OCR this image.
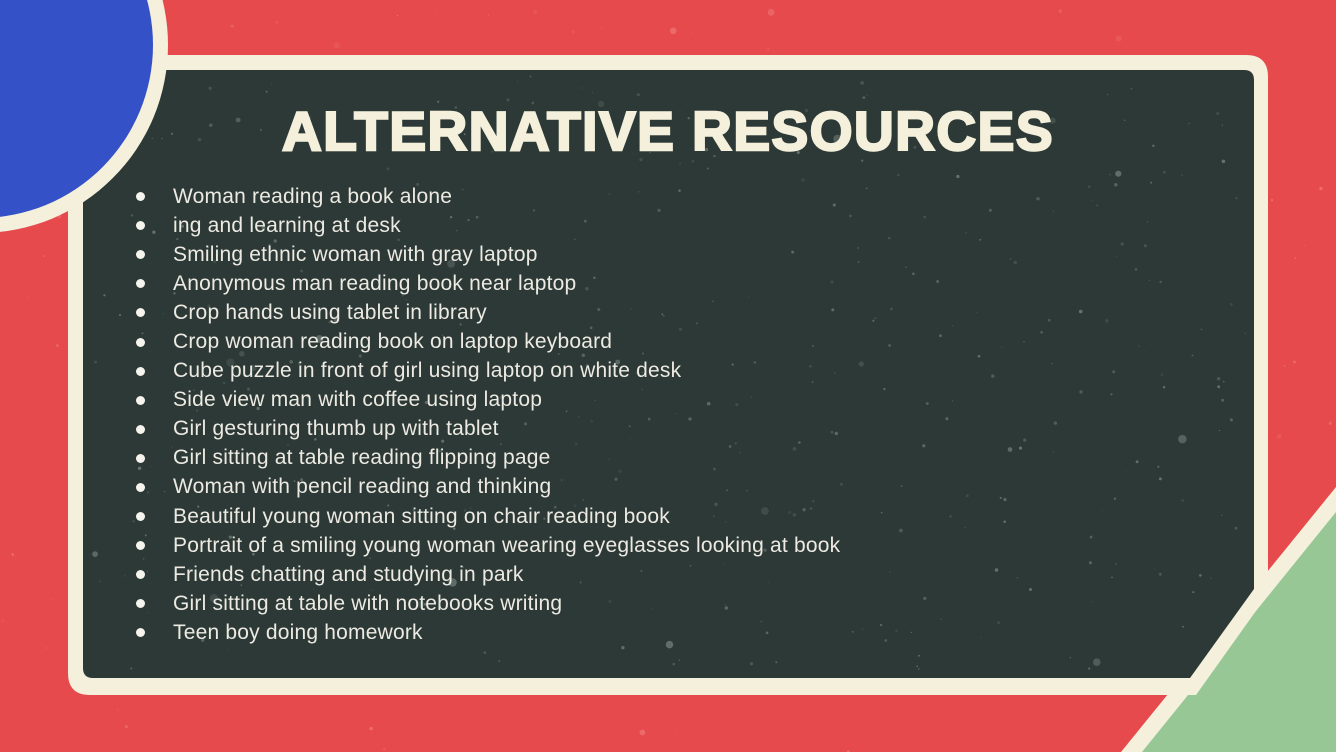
ALTERNATIVE RESOURCES
Woman reading a book alone
ing and learning at desk
Smiling ethnic woman with gray laptop
Anonymous man reading book near laptop
Crop hands using tablet in library
Crop woman reading book on laptop keyboard
Cube puzzle in front of girl using laptop on white desk
Side view man with coffee using laptop
Girl gesturing thumb up with tablet
Girl sitting at table reading flipping page
Woman with pencil reading and thinking
Beautiful young woman sitting on chair reading book
Portrait of a smiling young woman wearing eyeglasses looking at book
Friends chatting and studying in park
Girl sitting at table with notebooks writing
Teen boy doing homework
